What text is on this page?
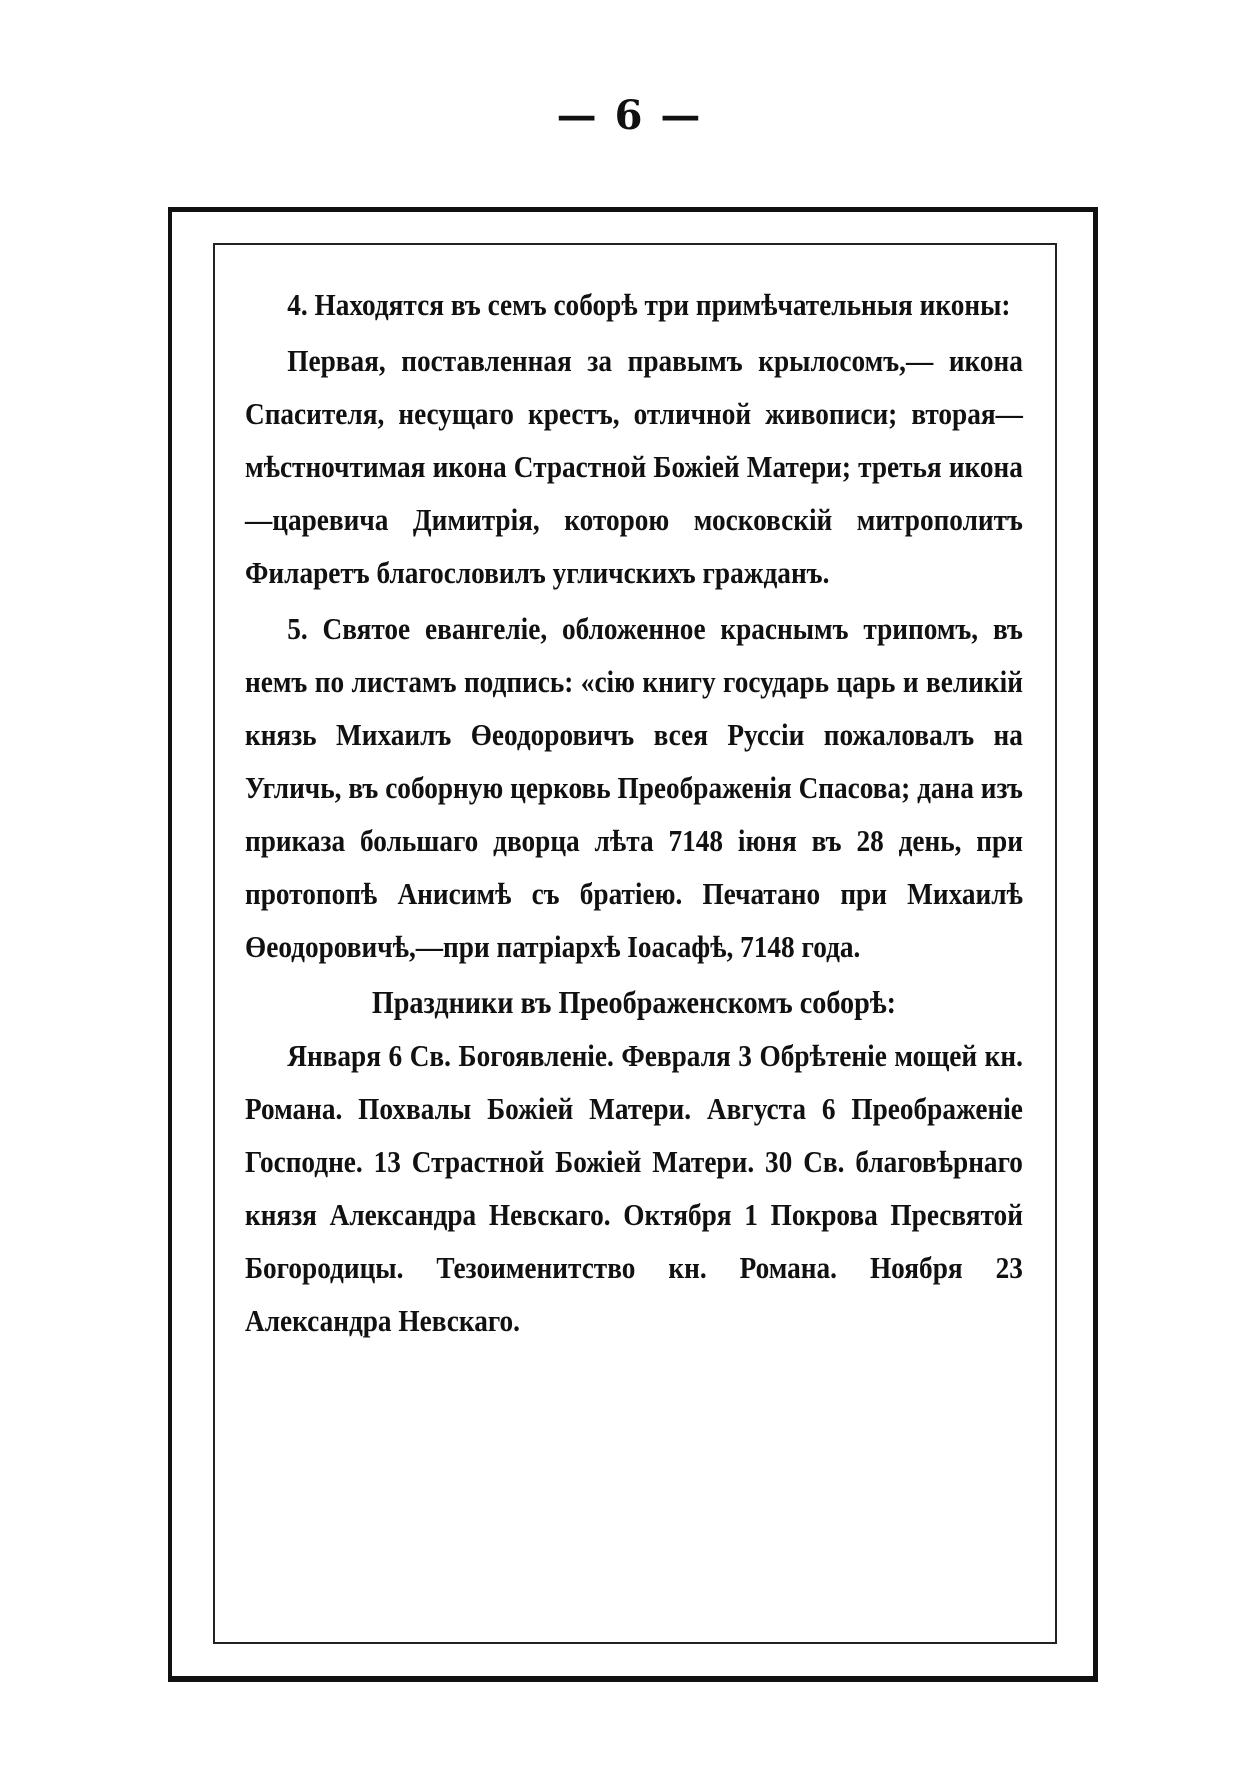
— 6 —

4. Находятся въ семъ соборѣ три примѣчательныя иконы:

Первая, поставленная за правымъ крылосомъ,— икона Спасителя, несущаго крестъ, отличной живописи; вторая—мѣстночтимая икона Страстной Божiей Матери; третья икона—царевича Димитрiя, которою московскiй митрополитъ Филаретъ благословилъ угличскихъ гражданъ.

5. Святое евангелiе, обложенное краснымъ трипомъ, въ немъ по листамъ подпись: «сiю книгу государь царь и великiй князь Михаилъ Өеодоровичъ всея Руссiи пожаловалъ на Угличь, въ соборную церковь Преображенiя Спасова; дана изъ приказа большаго дворца лѣта 7148 iюня въ 28 день, при протопопѣ Анисимѣ съ братiею. Печатано при Михаилѣ Өеодоровичѣ,—при патрiархѣ Iоасафѣ, 7148 года.

Праздники въ Преображенскомъ соборѣ:

Января 6 Св. Богоявленiе. Февраля 3 Обрѣтенiе мощей кн. Романа. Похвалы Божiей Матери. Августа 6 Преображенiе Господне. 13 Страстной Божiей Матери. 30 Св. благовѣрнаго князя Александра Невскаго. Октября 1 Покрова Пресвятой Богородицы. Тезоименитство кн. Романа. Ноября 23 Александра Невскаго.
